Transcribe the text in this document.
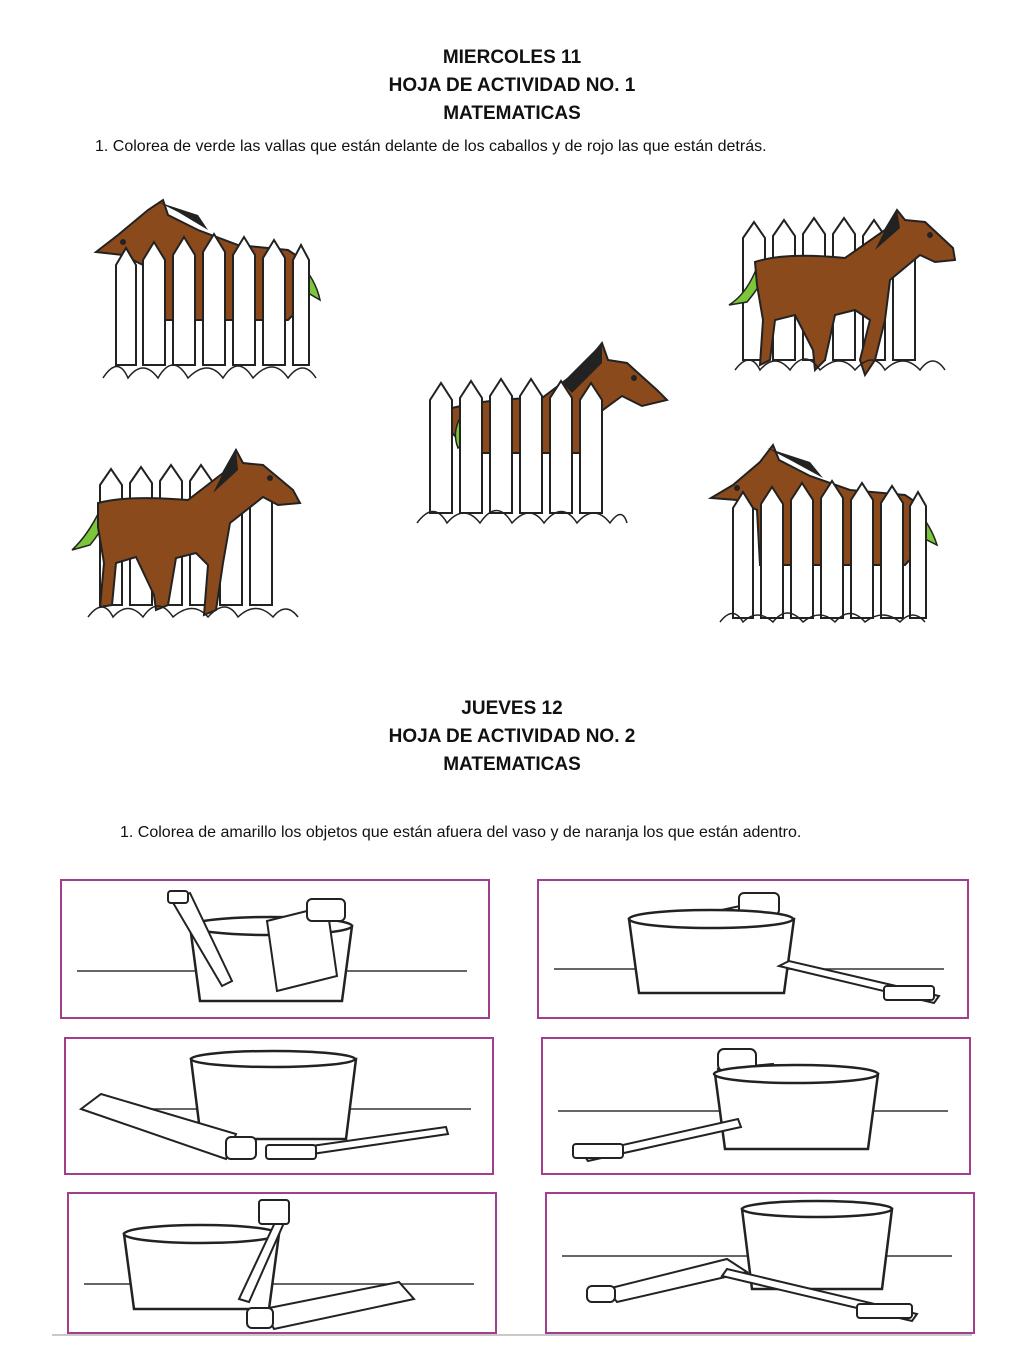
MIERCOLES 11
HOJA DE ACTIVIDAD NO. 1
MATEMATICAS
1. Colorea de verde las vallas que están delante de los caballos y de rojo las que están detrás.
JUEVES 12
HOJA DE ACTIVIDAD NO. 2
MATEMATICAS
1. Colorea de amarillo los objetos que están afuera del vaso y de naranja los que están adentro.
